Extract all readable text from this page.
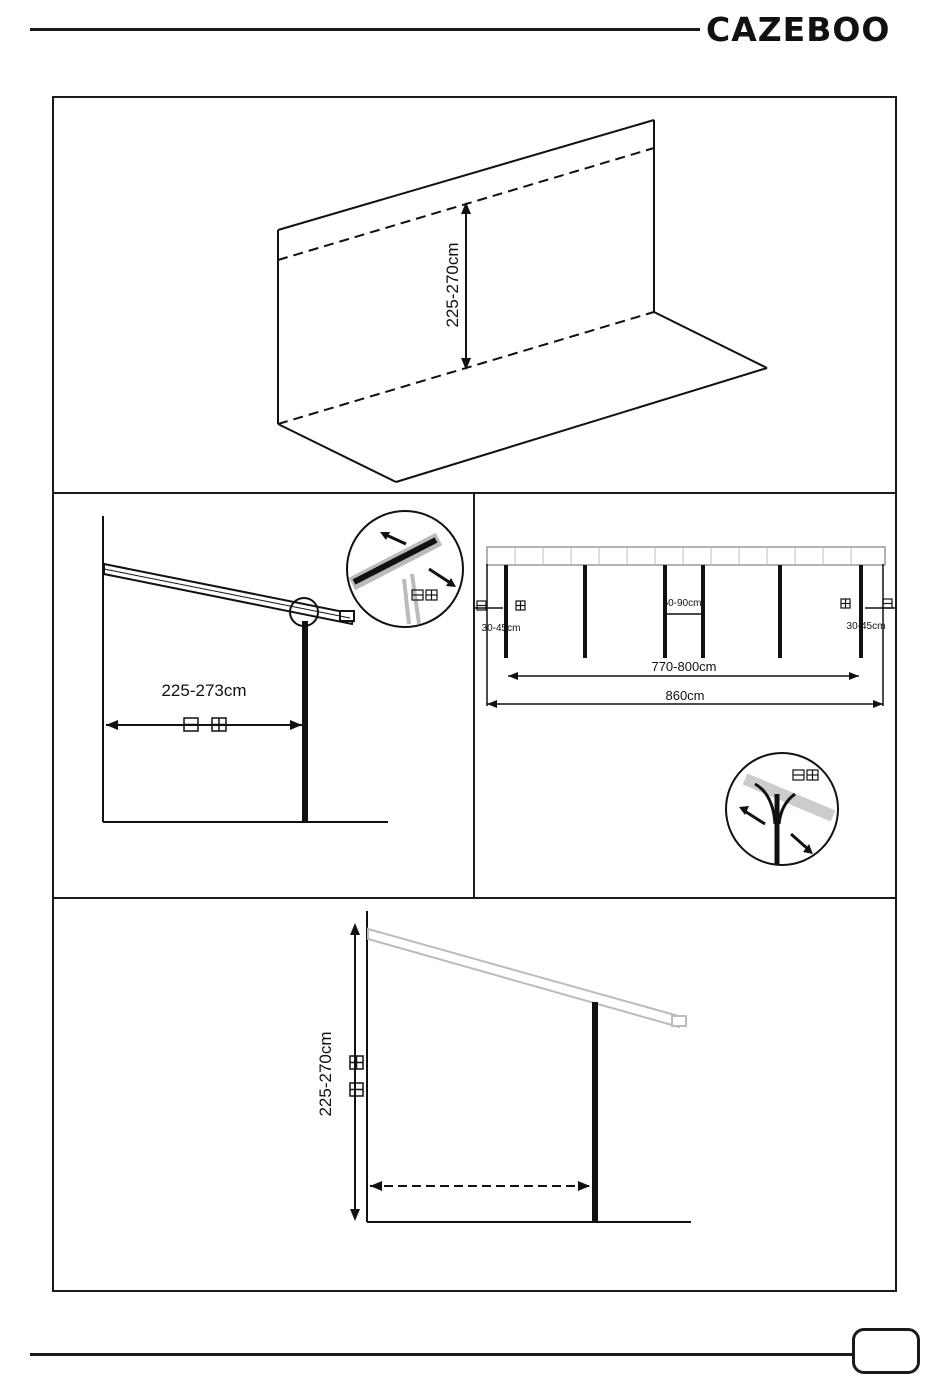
CAZEBOO
225-270cm
225-273cm
30-45cm	30-45cm
60-90cm
770-800cm
860cm
225-270cm
